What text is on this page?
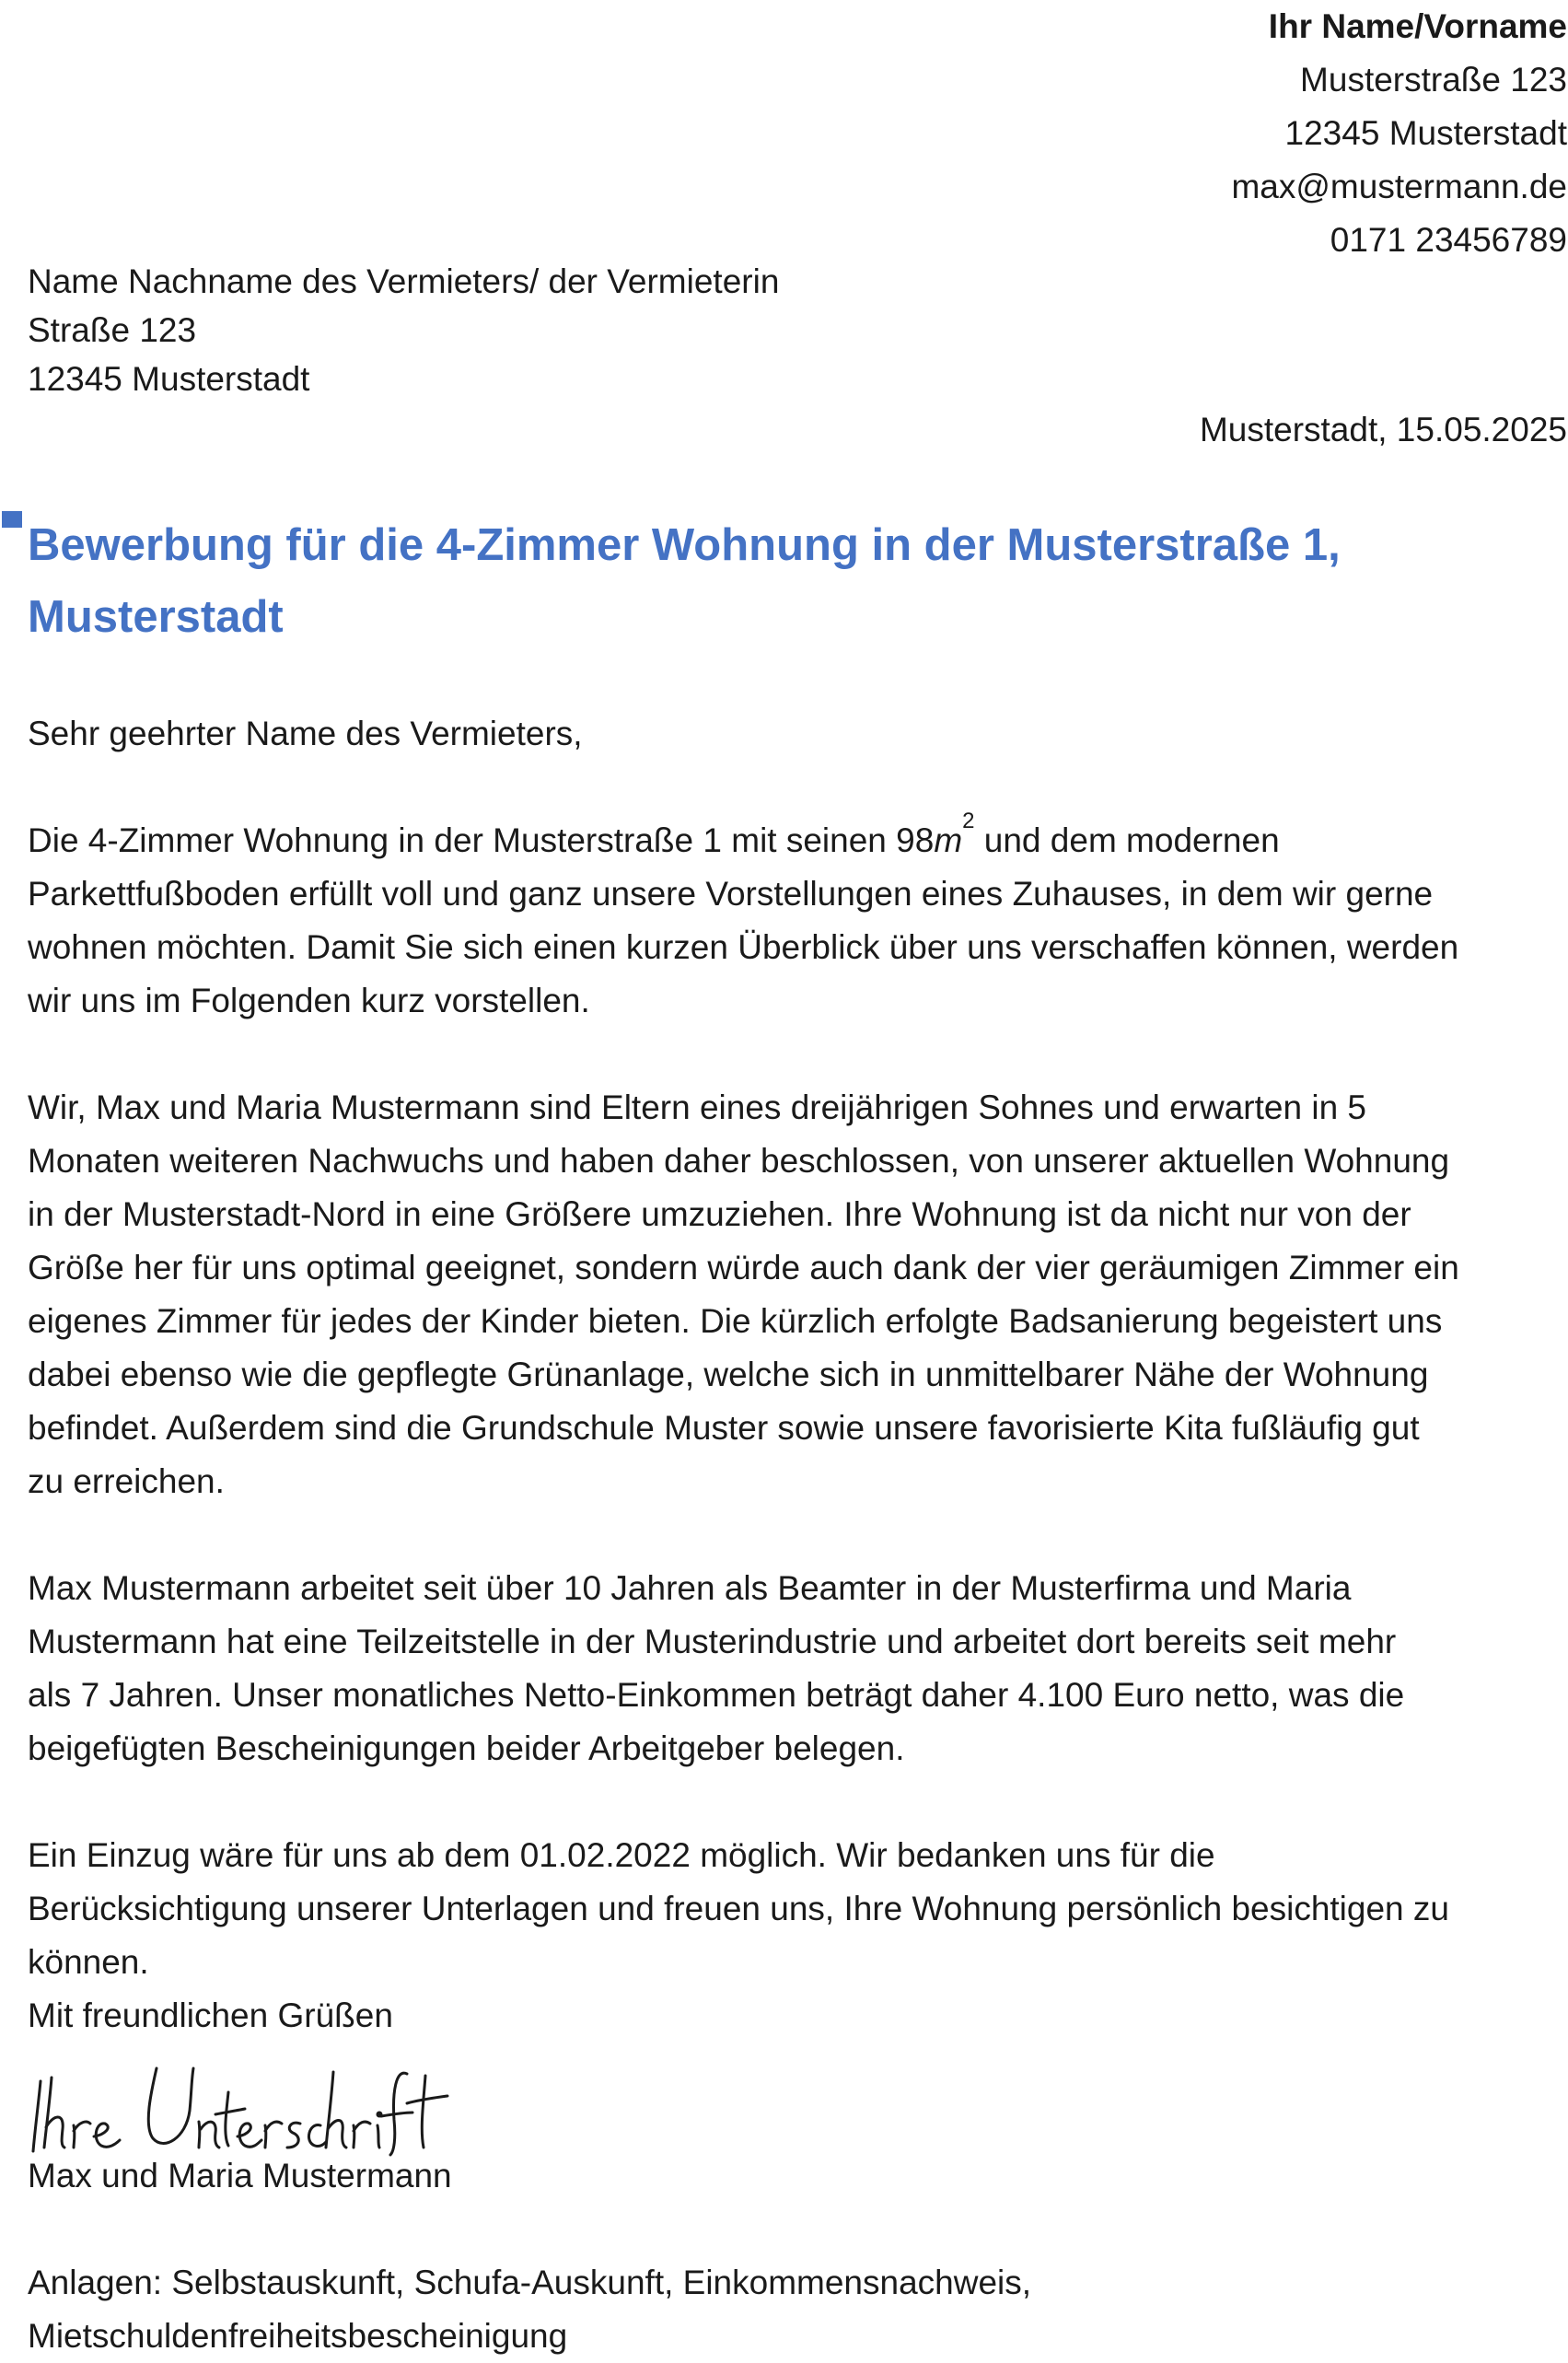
Ihr Name/Vorname
Musterstraße 123
12345 Musterstadt
max@mustermann.de
0171 23456789
Name Nachname des Vermieters/ der Vermieterin
Straße 123
12345 Musterstadt
Musterstadt, 15.05.2025
Bewerbung für die 4-Zimmer Wohnung in der Musterstraße 1,
Musterstadt

Sehr geehrter Name des Vermieters,

Die 4-Zimmer Wohnung in der Musterstraße 1 mit seinen $98m^2$ und dem modernen
Parkettfußboden erfüllt voll und ganz unsere Vorstellungen eines Zuhauses, in dem wir gerne
wohnen möchten. Damit Sie sich einen kurzen Überblick über uns verschaffen können, werden
wir uns im Folgenden kurz vorstellen.
Wir, Max und Maria Mustermann sind Eltern eines dreijährigen Sohnes und erwarten in 5
Monaten weiteren Nachwuchs und haben daher beschlossen, von unserer aktuellen Wohnung
in der Musterstadt-Nord in eine Größere umzuziehen. Ihre Wohnung ist da nicht nur von der
Größe her für uns optimal geeignet, sondern würde auch dank der vier geräumigen Zimmer ein
eigenes Zimmer für jedes der Kinder bieten. Die kürzlich erfolgte Badsanierung begeistert uns
dabei ebenso wie die gepflegte Grünanlage, welche sich in unmittelbarer Nähe der Wohnung
befindet. Außerdem sind die Grundschule Muster sowie unsere favorisierte Kita fußläufig gut
zu erreichen.
Max Mustermann arbeitet seit über 10 Jahren als Beamter in der Musterfirma und Maria
Mustermann hat eine Teilzeitstelle in der Musterindustrie und arbeitet dort bereits seit mehr
als 7 Jahren. Unser monatliches Netto-Einkommen beträgt daher 4.100 Euro netto, was die
beigefügten Bescheinigungen beider Arbeitgeber belegen.
Ein Einzug wäre für uns ab dem 01.02.2022 möglich. Wir bedanken uns für die
Berücksichtigung unserer Unterlagen und freuen uns, Ihre Wohnung persönlich besichtigen zu
können.
Mit freundlichen Grüßen
Max und Maria Mustermann
Anlagen: Selbstauskunft, Schufa-Auskunft, Einkommensnachweis,
Mietschuldenfreiheitsbescheinigung
